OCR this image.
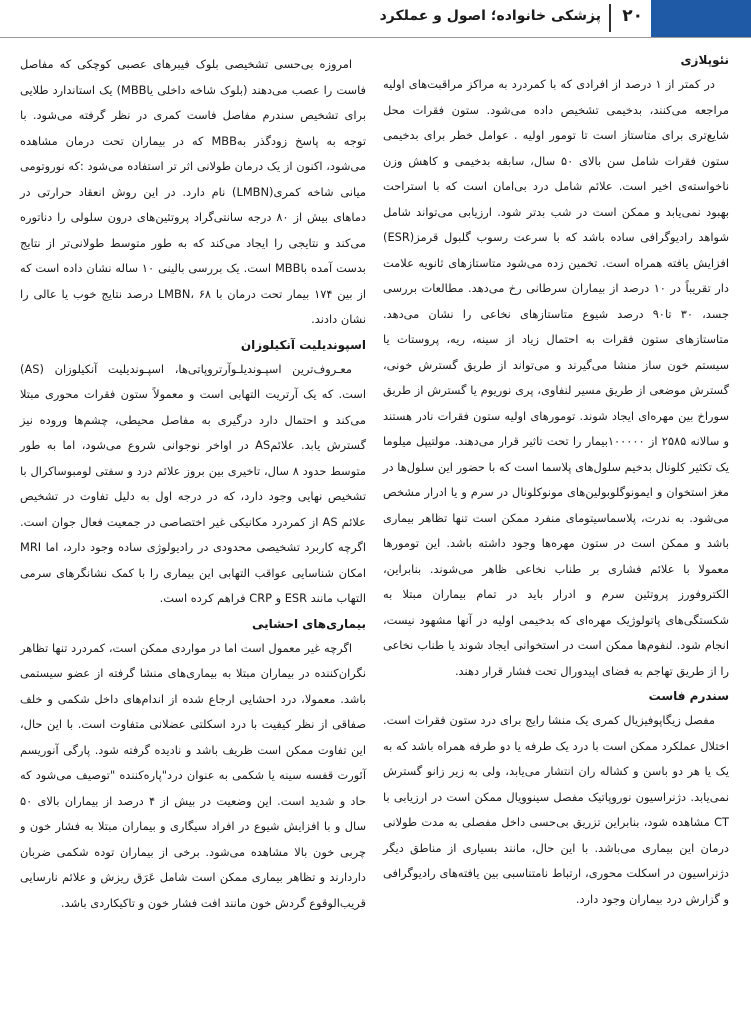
۲۰
پزشکی خانواده؛ اصول و عملکرد
نئوپلازی

در کمتر از ۱ درصد از افرادی که با کمردرد به مراکز مراقبت‌های اولیه مراجعه می‌کنند، بدخیمی تشخیص داده می‌شود. ستون فقرات محل شایع‌تری برای متاستاز است تا تومور اولیه . عوامل خطر برای بدخیمی ستون فقرات شامل سن بالای ۵۰ سال، سابقه بدخیمی و کاهش وزن ناخواسته‌ی اخیر است. علائم شامل درد بی‌امان است که با استراحت بهبود نمی‌یابد و ممکن است در شب بدتر شود. ارزیابی می‌تواند شامل شواهد رادیوگرافی ساده باشد که با سرعت رسوب گلبول قرمز(ESR) افزایش یافته همراه است. تخمین زده می‌شود متاستازهای ثانویه علامت دار تقریباً در ۱۰ درصد از بیماران سرطانی رخ می‌دهد. مطالعات بررسی جسد، ۳۰ تا۹۰ درصد شیوع متاستازهای نخاعی را نشان می‌دهد. متاستازهای ستون فقرات به احتمال زیاد از سینه، ریه، پروستات یا سیستم خون ساز منشا می‌گیرند و می‌تواند از طریق گسترش خونی، گسترش موضعی از طریق مسیر لنفاوی، پری نوریوم یا گسترش از طریق سوراخ بین مهره‌ای ایجاد شوند. تومورهای اولیه ستون فقرات نادر هستند و سالانه ۲۵۸۵ از ۱۰۰۰۰۰بیمار را تحت تاثیر قرار می‌دهند. مولتیپل میلوما یک تکثیر کلونال بدخیم سلول‌های پلاسما است که با حضور این سلول‌ها در مغز استخوان و ایمونوگلوبولین‌های مونوکلونال در سرم و یا ادرار مشخص می‌شود. به ندرت، پلاسماسیتومای منفرد ممکن است تنها تظاهر بیماری باشد و ممکن است در ستون مهره‌ها وجود داشته باشد. این تومورها معمولا با علائم فشاری بر طناب نخاعی ظاهر می‌شوند. بنابراین، الکتروفورز پروتئین سرم و ادرار باید در تمام بیماران مبتلا به شکستگی‌های پاتولوژیک مهره‌ای که بدخیمی اولیه در آنها مشهود نیست، انجام شود. لنفوم‌ها ممکن است در استخوانی ایجاد شوند یا طناب نخاعی را از طریق تهاجم به فضای اپیدورال تحت فشار قرار دهند.

سندرم فاست

مفصل زیگاپوفیزیال کمری یک منشا رایج برای درد ستون فقرات است. اختلال عملکرد ممکن است با درد یک طرفه یا دو طرفه همراه باشد که به یک یا هر دو باسن و کشاله ران انتشار می‌یابد، ولی به زیر زانو گسترش نمی‌یابد. دژنراسیون نوروپاتیک مفصل سینوویال ممکن است در ارزیابی با CT مشاهده شود، بنابراین تزریق بی‌حسی داخل مفصلی به مدت طولانی درمان این بیماری می‌باشد. با این حال، مانند بسیاری از مناطق دیگر دژنراسیون در اسکلت محوری، ارتباط نامتناسبی بین یافته‌های رادیوگرافی و گزارش درد بیماران وجود دارد.

امروزه بی‌حسی تشخیصی بلوک فیبرهای عصبی کوچکی که مفاصل فاست را عصب می‌دهند (بلوک شاخه داخلی یاMBB) یک استاندارد طلایی برای تشخیص سندرم مفاصل فاست کمری در نظر گرفته می‌شود. با توجه به پاسخ زودگذر بهMBB که در بیماران تحت درمان مشاهده می‌شود، اکنون از یک درمان طولانی اثر تر استفاده می‌شود :که نوروتومی میانی شاخه کمری(LMBN) نام دارد. در این روش انعقاد حرارتی در دماهای بیش از ۸۰ درجه سانتی‌گراد پروتئین‌های درون سلولی را دناتوره می‌کند و نتایجی را ایجاد می‌کند که به طور متوسط طولانی‌تر از نتایج بدست آمده باMBB است. یک بررسی بالینی ۱۰ ساله نشان داده است که از بین ۱۷۴ بیمار تحت درمان با LMBN، ۶۸ درصد نتایج خوب یا عالی را نشان دادند.

اسپوندیلیت آنکیلوزان

معـروف‌ترین اسپـوندیلـوآرتروپاتی‌ها، اسپـوندیلیت آنکیلوزان (AS) است. که یک آرتریت التهابی است و معمولاً ستون فقرات محوری مبتلا می‌کند و احتمال دارد درگیری به مفاصل محیطی، چشم‌ها وروده نیز گسترش یابد. علائمAS در اواخر نوجوانی شروع می‌شود، اما به طور متوسط حدود ۸ سال، تاخیری بین بروز علائم درد و سفتی لومبوساکرال با تشخیص نهایی وجود دارد، که در درجه اول به دلیل تفاوت در تشخیص علائم AS از کمردرد مکانیکی غیر اختصاصی در جمعیت فعال جوان است. اگرچه کاربرد تشخیصی محدودی در رادیولوژی ساده وجود دارد، اما MRI امکان شناسایی عواقب التهابی این بیماری را با کمک نشانگرهای سرمی التهاب مانند ESR و CRP فراهم کرده است.

بیماری‌های احشایی

اگرچه غیر معمول است اما در مواردی ممکن است، کمردرد تنها تظاهر نگران‌کننده در بیماران مبتلا به بیماری‌های منشا گرفته از عضو سیستمی باشد. معمولا، درد احشایی ارجاع شده از اندام‌های داخل شکمی و خلف صفاقی از نظر کیفیت با درد اسکلتی عضلانی متفاوت است. با این حال، این تفاوت ممکن است ظریف باشد و نادیده گرفته شود. پارگی آنوریسم آئورت قفسه سینه یا شکمی به عنوان درد"پاره‌کننده "توصیف می‌شود که حاد و شدید است. این وضعیت در بیش از ۴ درصد از بیماران بالای ۵۰ سال و با افزایش شیوع در افراد سیگاری و بیماران مبتلا به فشار خون و چربی خون بالا مشاهده می‌شود. برخی از بیماران توده شکمی ضربان داردارند و تظاهر بیماری ممکن است شامل عَرَق ریزش و علائم نارسایی قریب‌الوقوع گردش خون مانند افت فشار خون و تاکیکاردی باشد.
